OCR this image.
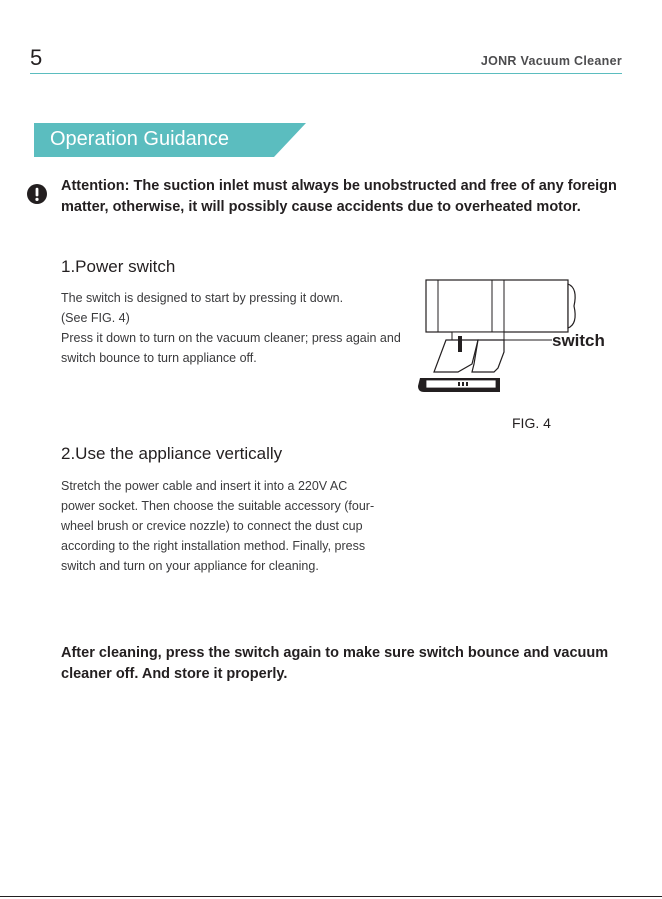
5	JONR Vacuum Cleaner
Operation Guidance
Attention: The suction inlet must always be unobstructed and free of any foreign matter, otherwise, it will possibly cause accidents due to overheated motor.
1.Power switch

The switch is designed to start by pressing it down. (See FIG. 4)

Press it down to turn on the vacuum cleaner; press again and switch bounce to turn appliance off.

switch
FIG. 4
2.Use the appliance vertically

Stretch the power cable and insert it into a 220V AC power socket. Then choose the suitable accessory (four-wheel brush or crevice nozzle) to connect the dust cup according to the right installation method. Finally, press switch and turn on your appliance for cleaning.

After cleaning, press the switch again to make sure switch bounce and vacuum cleaner off. And store it properly.
